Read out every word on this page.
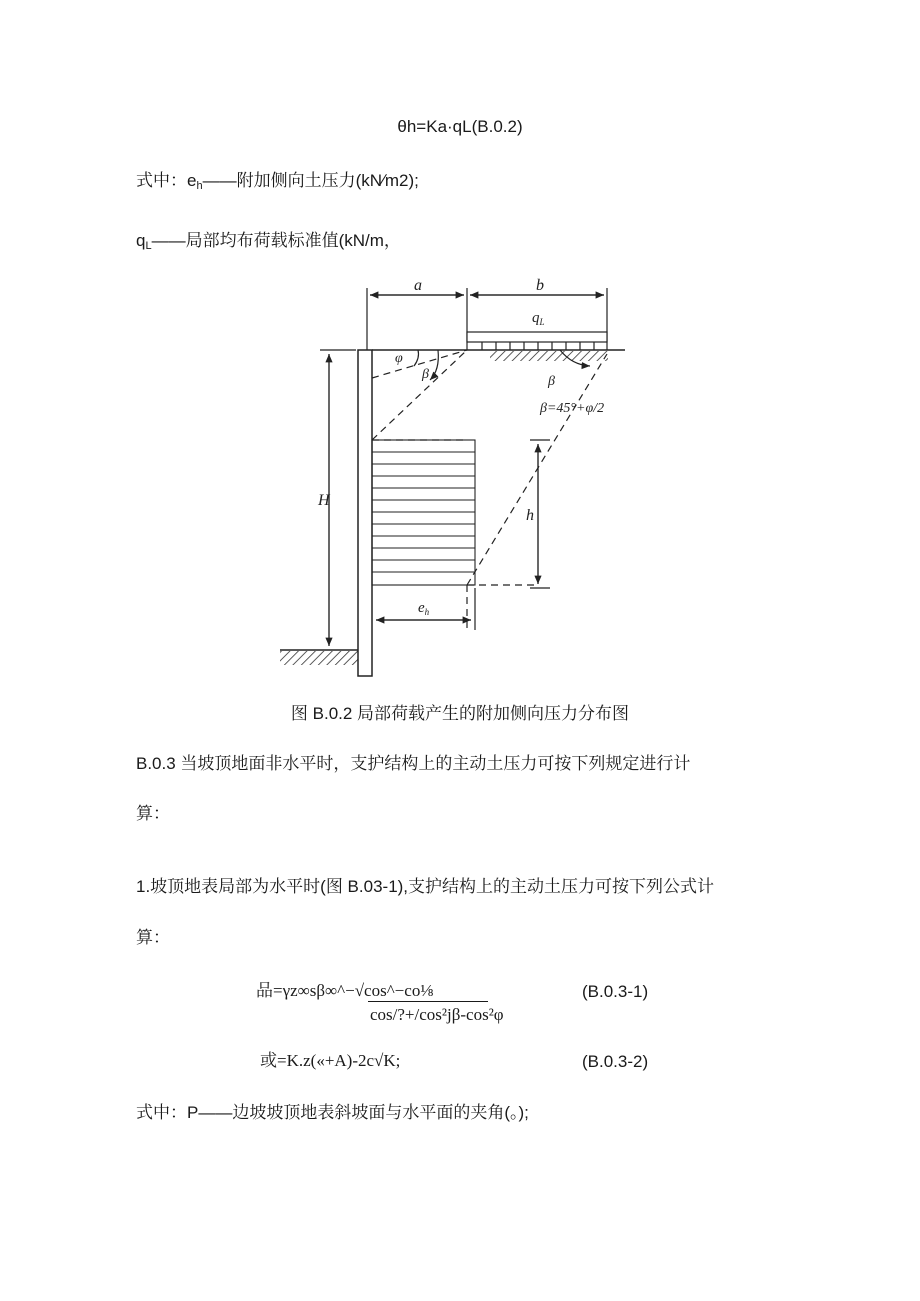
θh=Ka·qL(B.0.2)
式中：$e_h——$附加侧向土压力(kN∕m2);
$q_L——$局部均布荷载标准值(kN/m，
a	b
$q_L$
H
φ
β	β
β=45°+φ/2
h
$e_h$
图 B.0.2 局部荷载产生的附加侧向压力分布图
B.0.3 当坡顶地面非水平时，支护结构上的主动土压力可按下列规定进行计
算：
1.坡顶地表局部为水平时(图 B.03-1),支护结构上的主动土压力可按下列公式计
算：
品=γz∞sβ∞^−√cos^−co⅛
cos/?+/cos²jβ-cos²φ
(B.0.3-1)
或=K.z(«+A)-2c√K;	(B.0.3-2)
式中：P——边坡坡顶地表斜坡面与水平面的夹角(。);
